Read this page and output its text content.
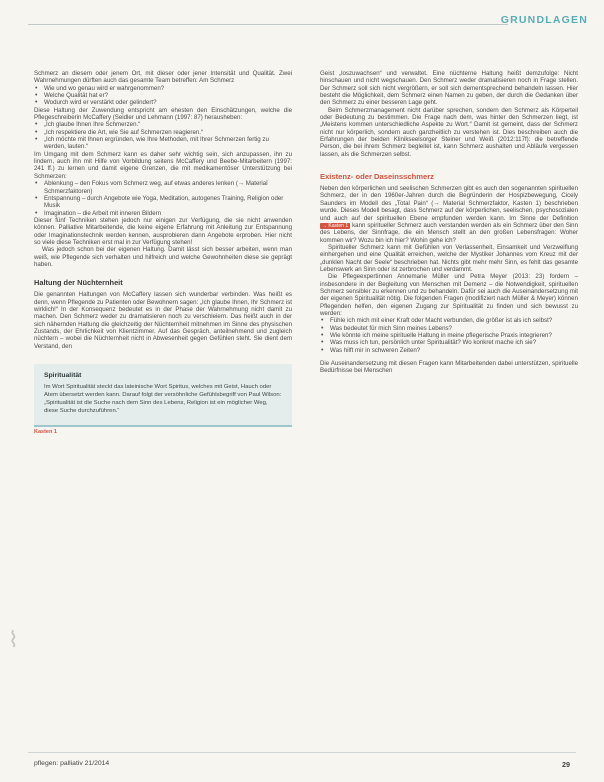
GRUNDLAGEN

Schmerz an diesem oder jenem Ort, mit dieser oder jener Intensität und Qualität. Zwei Wahrnehmungen dürften auch das gesamte Team betreffen: Am Schmerz

• Wie und wo genau wird er wahrgenommen?
• Welche Qualität hat er?
• Wodurch wird er verstärkt oder gelindert?

Diese Haltung der Zuwendung entspricht am ehesten den Einschätzungen, welche die Pflegeschreiberin McCaffery (Seidler und Lehmann (1997: 87) herausheben:

• „Ich glaube Ihnen Ihre Schmerzen.“
• „Ich respektiere die Art, wie Sie auf Schmerzen reagieren.“
• „Ich möchte mit Ihnen ergründen, wie Ihre Methoden, mit Ihrer Schmerzen fertig zu werden, lauten.“

Im Umgang mit dem Schmerz kann es daher sehr wichtig sein, sich anzupassen, ihn zu lindern, auch ihn mit Hilfe von Vorbildung seitens McCaffery und Beebe-Mitarbeitern (1997: 241 ff.) zu lernen und damit eigene Grenzen, die mit medikamentöser Unterstützung bei Schmerzen:

• Ablenkung – den Fokus vom Schmerz weg, auf etwas anderes lenken (→ Material Schmerzfaktoren)
• Entspannung – durch Angebote wie Yoga, Meditation, autogenes Training, Religion oder Musik
• Imagination – die Arbeit mit inneren Bildern

Dieser fünf Techniken stehen jedoch nur einigen zur Verfügung, die sie nicht anwenden können. Palliative Mitarbeitende, die keine eigene Erfahrung mit Anleitung zur Entspannung oder Imaginationstechnik werden kennen, ausprobieren dann Angebote erproben. Hier nicht so viele diese Techniken erst mal in zur Verfügung stehen!

Was jedoch schon bei der eigenen Haltung. Damit lässt sich besser arbeiten, wenn man weiß, wie Pflegende sich verhalten und hilfreich und welche Gewohnheiten diese sie geprägt haben.

Haltung der Nüchternheit

Die genannten Haltungen von McCaffery lassen sich wunderbar verbinden. Was heißt es denn, wenn Pflegende zu Patienten oder Bewohnern sagen: „Ich glaube Ihnen, Ihr Schmerz ist wirklich!“ In der Konsequenz bedeutet es in der Phase der Wahrnehmung nicht damit zu machen. Den Schmerz weder zu dramatisieren noch zu verschleiern. Das heißt auch in der sich nähernden Haltung die gleichzeitig der Nüchternheit mitnehmen im Sinne des physischen Zustands, der Ehrlichkeit von Klientzimmer. Auf das Gespräch, anteilnehmend und zugleich nüchtern – wobei die Nüchternheit nicht in Abwesenheit gegen Gefühlen steht. Sie dient dem Verstand, den

Spiritualität
Im Wort Spiritualität steckt das lateinische Wort Spiritus, welches mit Geist, Hauch oder Atem übersetzt werden kann. Darauf folgt der versöhnliche Gefühlsbegriff von Paul Wilson: „Spiritualität ist die Suche nach dem Sinn des Lebens, Religion ist ein möglicher Weg, diese Suche durchzuführen.“
Kasten 1

Geist „loszuwachsen“ und verwaltet. Eine nüchterne Haltung heißt demzufolge: Nicht hinschauen und nicht wegschauen. Den Schmerz weder dramatisieren noch in Frage stellen. Der Schmerz soll sich nicht vergrößern, er soll sich dementsprechend behandeln lassen. Hier besteht die Möglichkeit, dem Schmerz einen Namen zu geben, der durch die Gedanken über den Schmerz zu einer besseren Lage geht.

Beim Schmerzmanagement nicht darüber sprechen, sondern den Schmerz als Körperteil oder Bedeutung zu bestimmen. Die Frage nach dem, was hinter den Schmerzen liegt, ist „Meistens kommen unterschiedliche Aspekte zu Wort.“ Damit ist gemeint, dass der Schmerz nicht nur körperlich, sondern auch ganzheitlich zu verstehen ist. Dies beschreiben auch die Erfahrungen der beiden Klinikseelsorger Steiner und Weiß (2012:117f): die betreffende Person, die bei ihrem Schmerz begleitet ist, kann Schmerz aushalten und Abläufe vergessen lassen, als die Schmerzen selbst.

Existenz- oder Daseinsschmerz

Neben den körperlichen und seelischen Schmerzen gibt es auch den sogenannten spirituellen Schmerz, der in den 1960er-Jahren durch die Begründerin der Hospizbewegung, Cicely Saunders im Modell des „Total Pain“ (→ Material Schmerzfaktor, Kasten 1) beschrieben wurde. Dieses Modell besagt, dass Schmerz auf der körperlichen, seelischen, psychosozialen und auch auf der spirituellen Ebene empfunden werden kann. Im Sinne der Definition → Kasten 1 kann spiritueller Schmerz auch verstanden werden als ein Schmerz über den Sinn des Lebens, der Sinnfrage, die ein Mensch stellt an den großen Lebensfragen: Woher kommen wir? Wozu bin ich hier? Wohin gehe ich?

Spiritueller Schmerz kann mit Gefühlen von Verlassenheit, Einsamkeit und Verzweiflung einhergehen und eine Qualität erreichen, welche der Mystiker Johannes vom Kreuz mit der „dunklen Nacht der Seele“ beschrieben hat. Nichts gibt mehr mehr Sinn, es fehlt das gesamte Lebenswerk an Sinn oder ist zerbrochen und verdammt.

Die Pflegeexpertinnen Annemarie Müller und Petra Meyer (2013: 23) fordern – insbesondere in der Begleitung von Menschen mit Demenz – die Notwendigkeit, spirituellen Schmerz sensibler zu erkennen und zu behandeln. Dafür sei auch die Auseinandersetzung mit der eigenen Spiritualität nötig. Die folgenden Fragen (modifiziert nach Müller & Meyer) können Pflegenden helfen, den eigenen Zugang zur Spiritualität zu finden und sich bewusst zu werden:

• Fühle ich mich mit einer Kraft oder Macht verbunden, die größer ist als ich selbst?
• Was bedeutet für mich Sinn meines Lebens?
• Wie könnte ich meine spirituelle Haltung in meine pflegerische Praxis integrieren?
• Was muss ich tun, persönlich unter Spiritualität? Wo konkret mache ich sie?
• Was hilft mir in schweren Zeiten?

Die Auseinandersetzung mit diesen Fragen kann Mitarbeitenden dabei unterstützen, spirituelle Bedürfnisse bei Menschen

⌇
pflegen: palliativ 21/2014	29
